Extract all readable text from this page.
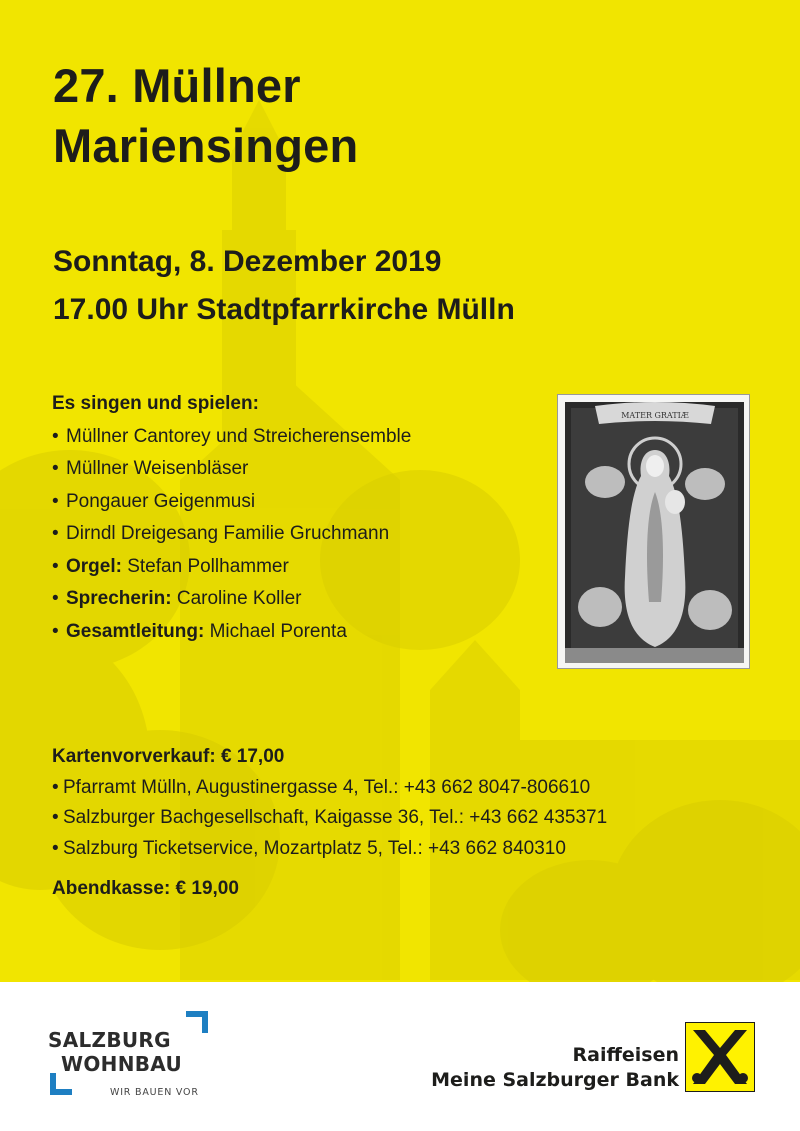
27. Müllner
Mariensingen
Sonntag, 8. Dezember 2019
17.00 Uhr Stadtpfarrkirche Mülln
Es singen und spielen:
• Müllner Cantorey und Streicherensemble
• Müllner Weisenbläser
• Pongauer Geigenmusi
• Dirndl Dreigesang Familie Gruchmann
• Orgel: Stefan Pollhammer
• Sprecherin: Caroline Koller
• Gesamtleitung: Michael Porenta
MATER GRATIÆ
Kartenvorverkauf: € 17,00
• Pfarramt Mülln, Augustinergasse 4, Tel.: +43 662 8047-806610
• Salzburger Bachgesellschaft, Kaigasse 36, Tel.: +43 662 435371
• Salzburg Ticketservice, Mozartplatz 5, Tel.: +43 662 840310
Abendkasse: € 19,00
SALZBURG
WOHNBAU
WIR BAUEN VOR
Raiffeisen
Meine Salzburger Bank
